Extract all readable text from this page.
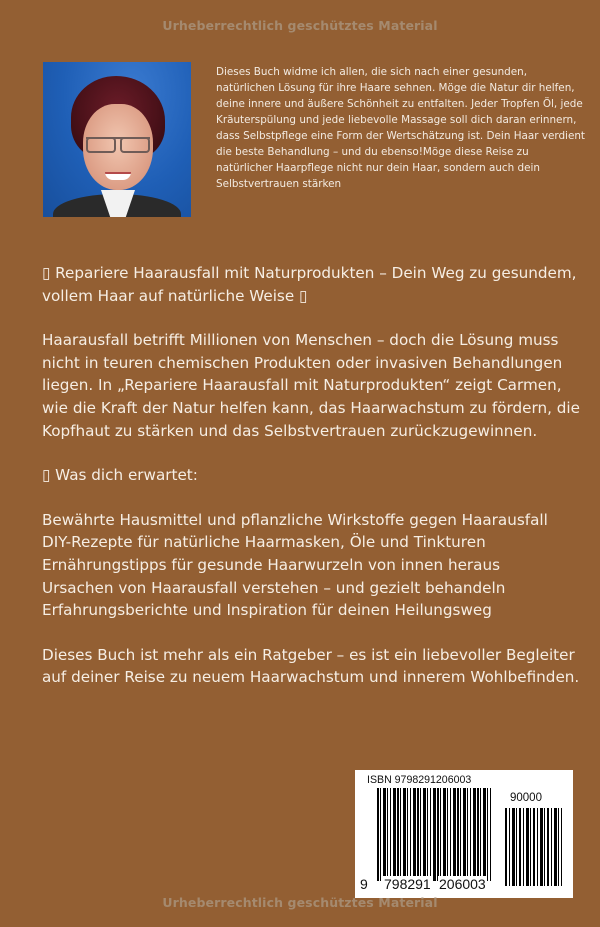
Urheberrechtlich geschütztes Material
Dieses Buch widme ich allen, die sich nach einer gesunden, natürlichen Lösung für ihre Haare sehnen. Möge die Natur dir helfen, deine innere und äußere Schönheit zu entfalten. Jeder Tropfen Öl, jede Kräuterspülung und jede liebevolle Massage soll dich daran erinnern, dass Selbstpflege eine Form der Wertschätzung ist. Dein Haar verdient die beste Behandlung – und du ebenso!Möge diese Reise zu natürlicher Haarpflege nicht nur dein Haar, sondern auch dein Selbstvertrauen stärken

▯ Repariere Haarausfall mit Naturprodukten – Dein Weg zu gesundem, vollem Haar auf natürliche Weise ▯

Haarausfall betrifft Millionen von Menschen – doch die Lösung muss nicht in teuren chemischen Produkten oder invasiven Behandlungen liegen. In „Repariere Haarausfall mit Naturprodukten“ zeigt Carmen, wie die Kraft der Natur helfen kann, das Haarwachstum zu fördern, die Kopfhaut zu stärken und das Selbstvertrauen zurückzugewinnen.

▯ Was dich erwartet:

Bewährte Hausmittel und pflanzliche Wirkstoffe gegen Haarausfall
DIY-Rezepte für natürliche Haarmasken, Öle und Tinkturen
Ernährungstipps für gesunde Haarwurzeln von innen heraus
Ursachen von Haarausfall verstehen – und gezielt behandeln
Erfahrungsberichte und Inspiration für deinen Heilungsweg

Dieses Buch ist mehr als ein Ratgeber – es ist ein liebevoller Begleiter auf deiner Reise zu neuem Haarwachstum und innerem Wohlbefinden.

ISBN 9798291206003
90000
9 798291 206003
Urheberrechtlich geschütztes Material
